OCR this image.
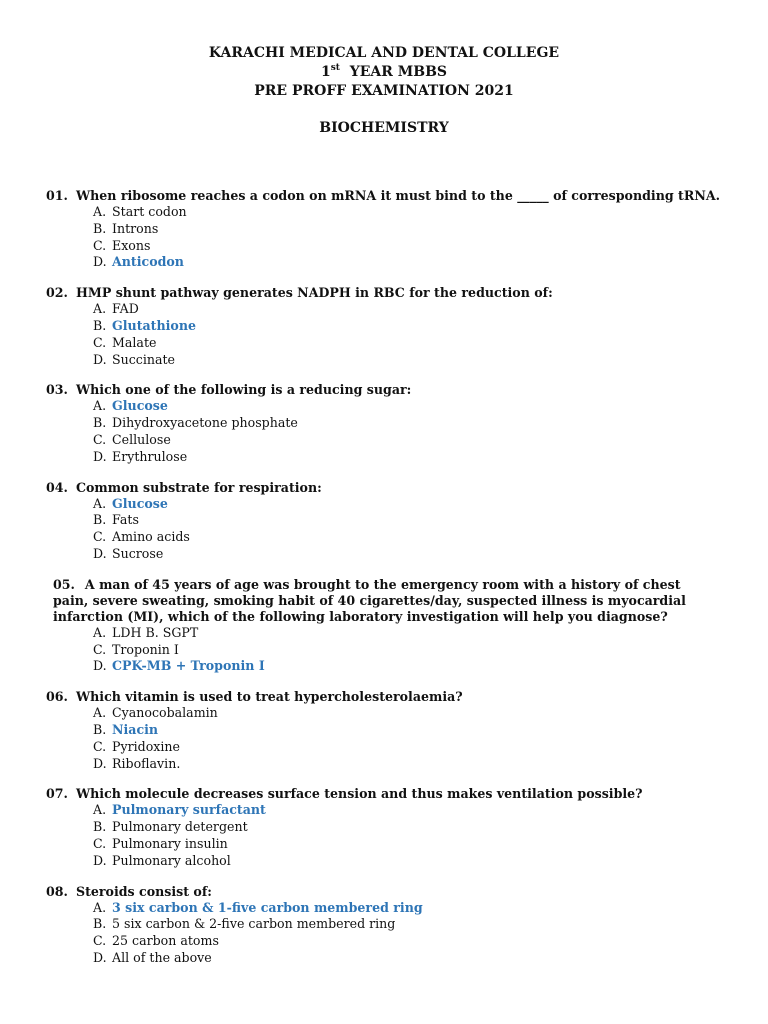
KARACHI MEDICAL AND DENTAL COLLEGE
1st YEAR MBBS
PRE PROFF EXAMINATION 2021
BIOCHEMISTRY
01. When ribosome reaches a codon on mRNA it must bind to the _____ of corresponding tRNA.
A. Start codon
B. Introns
C. Exons
D. Anticodon
02. HMP shunt pathway generates NADPH in RBC for the reduction of:
A. FAD
B. Glutathione
C. Malate
D. Succinate
03. Which one of the following is a reducing sugar:
A. Glucose
B. Dihydroxyacetone phosphate
C. Cellulose
D. Erythrulose
04. Common substrate for respiration:
A. Glucose
B. Fats
C. Amino acids
D. Sucrose
05. A man of 45 years of age was brought to the emergency room with a history of chest pain, severe sweating, smoking habit of 40 cigarettes/day, suspected illness is myocardial infarction (MI), which of the following laboratory investigation will help you diagnose?
A. LDH B. SGPT
C. Troponin I
D. CPK-MB + Troponin I
06. Which vitamin is used to treat hypercholesterolaemia?
A. Cyanocobalamin
B. Niacin
C. Pyridoxine
D. Riboflavin.
07. Which molecule decreases surface tension and thus makes ventilation possible?
A. Pulmonary surfactant
B. Pulmonary detergent
C. Pulmonary insulin
D. Pulmonary alcohol
08. Steroids consist of:
A. 3 six carbon & 1-five carbon membered ring
B. 5 six carbon & 2-five carbon membered ring
C. 25 carbon atoms
D. All of the above
